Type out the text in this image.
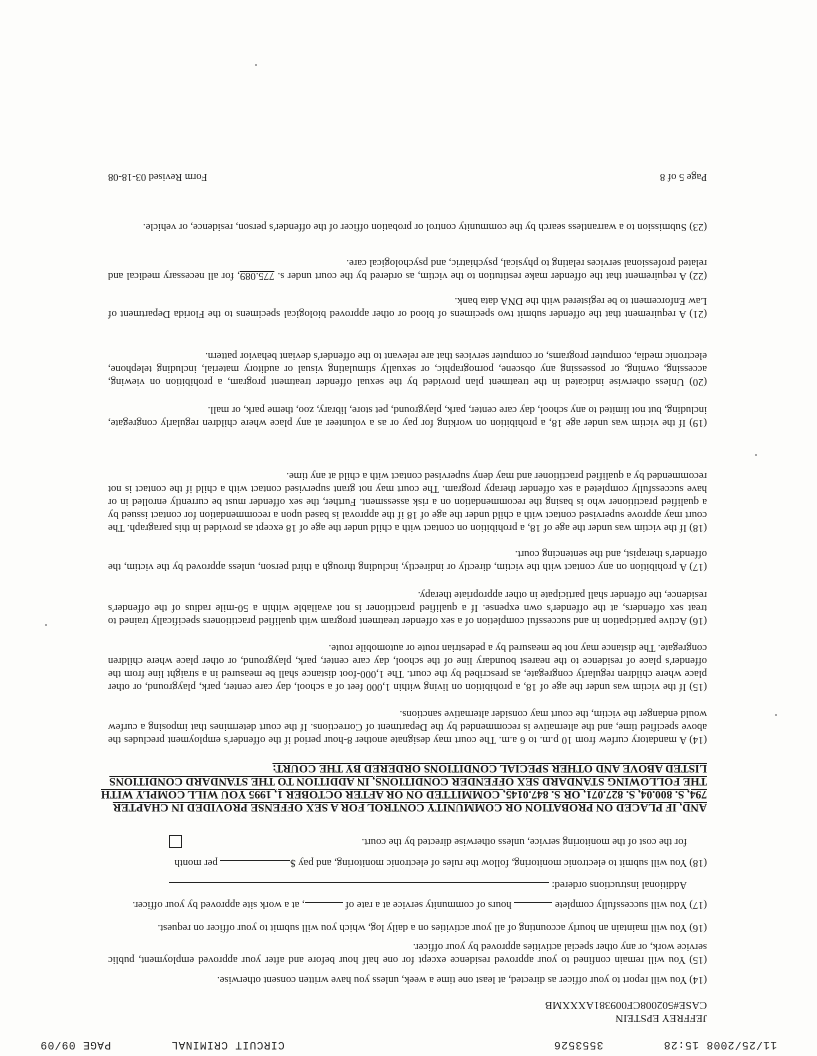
11/25/2008 15:28
3553526
CIRCUIT CRIMINAL
PAGE 09/09
JEFFREY EPSTEIN
CASE#502008CF009381AXXXMB
(14) You will report to your officer as directed, at least one time a week, unless you have written consent otherwise.
(15) You will remain confined to your approved residence except for one half hour before and after your approved employment, public service work, or any other special activities approved by your officer.
(16) You will maintain an hourly accounting of all your activities on a daily log, which you will submit to your officer on request.
(17) You will successfully complete  hours of community service at a rate of , at a work site approved by your officer.
Additional instructions ordered:
(18) You will submit to electronic monitoring, follow the rules of electronic monitoring, and pay $ per month
for the cost of the monitoring service, unless otherwise directed by the court.
AND, IF PLACED ON PROBATION OR COMMUNITY CONTROL FOR A SEX OFFENSE PROVIDED IN CHAPTER 794, S. 800.04, S. 827.071, OR S. 847.0145, COMMITTED ON OR AFTER OCTOBER 1, 1995 YOU WILL COMPLY WITH THE FOLLOWING STANDARD SEX OFFENDER CONDITIONS, IN ADDITION TO THE STANDARD CONDITIONS LISTED ABOVE AND OTHER SPECIAL CONDITIONS ORDERED BY THE COURT:
(14) A mandatory curfew from 10 p.m. to 6 a.m. The court may designate another 8-hour period if the offender's employment precludes the above specified time, and the alternative is recommended by the Department of Corrections. If the court determines that imposing a curfew would endanger the victim, the court may consider alternative sanctions.
(15) If the victim was under the age of 18, a prohibition on living within 1,000 feet of a school, day care center, park, playground, or other place where children regularly congregate, as prescribed by the court. The 1,000-foot distance shall be measured in a straight line from the offender's place of residence to the nearest boundary line of the school, day care center, park, playground, or other place where children congregate. The distance may not be measured by a pedestrian route or automobile route.
(16) Active participation in and successful completion of a sex offender treatment program with qualified practitioners specifically trained to treat sex offenders, at the offender's own expense. If a qualified practitioner is not available within a 50-mile radius of the offender's residence, the offender shall participate in other appropriate therapy.
(17) A prohibition on any contact with the victim, directly or indirectly, including through a third person, unless approved by the victim, the offender's therapist, and the sentencing court.
(18) If the victim was under the age of 18, a prohibition on contact with a child under the age of 18 except as provided in this paragraph. The court may approve supervised contact with a child under the age of 18 if the approval is based upon a recommendation for contact issued by a qualified practitioner who is basing the recommendation on a risk assessment. Further, the sex offender must be currently enrolled in or have successfully completed a sex offender therapy program. The court may not grant supervised contact with a child if the contact is not recommended by a qualified practitioner and may deny supervised contact with a child at any time.
(19) If the victim was under age 18, a prohibition on working for pay or as a volunteer at any place where children regularly congregate, including, but not limited to any school, day care center, park, playground, pet store, library, zoo, theme park, or mall.
(20) Unless otherwise indicated in the treatment plan provided by the sexual offender treatment program, a prohibition on viewing, accessing, owning, or possessing any obscene, pornographic, or sexually stimulating visual or auditory material, including telephone, electronic media, computer programs, or computer services that are relevant to the offender's deviant behavior pattern.
(21) A requirement that the offender submit two specimens of blood or other approved biological specimens to the Florida Department of Law Enforcement to be registered with the DNA data bank.
(22) A requirement that the offender make restitution to the victim, as ordered by the court under s. 775.089, for all necessary medical and related professional services relating to physical, psychiatric, and psychological care.
(23) Submission to a warrantless search by the community control or probation officer of the offender's person, residence, or vehicle.
Page 5 of 8
Form Revised 03-18-08
